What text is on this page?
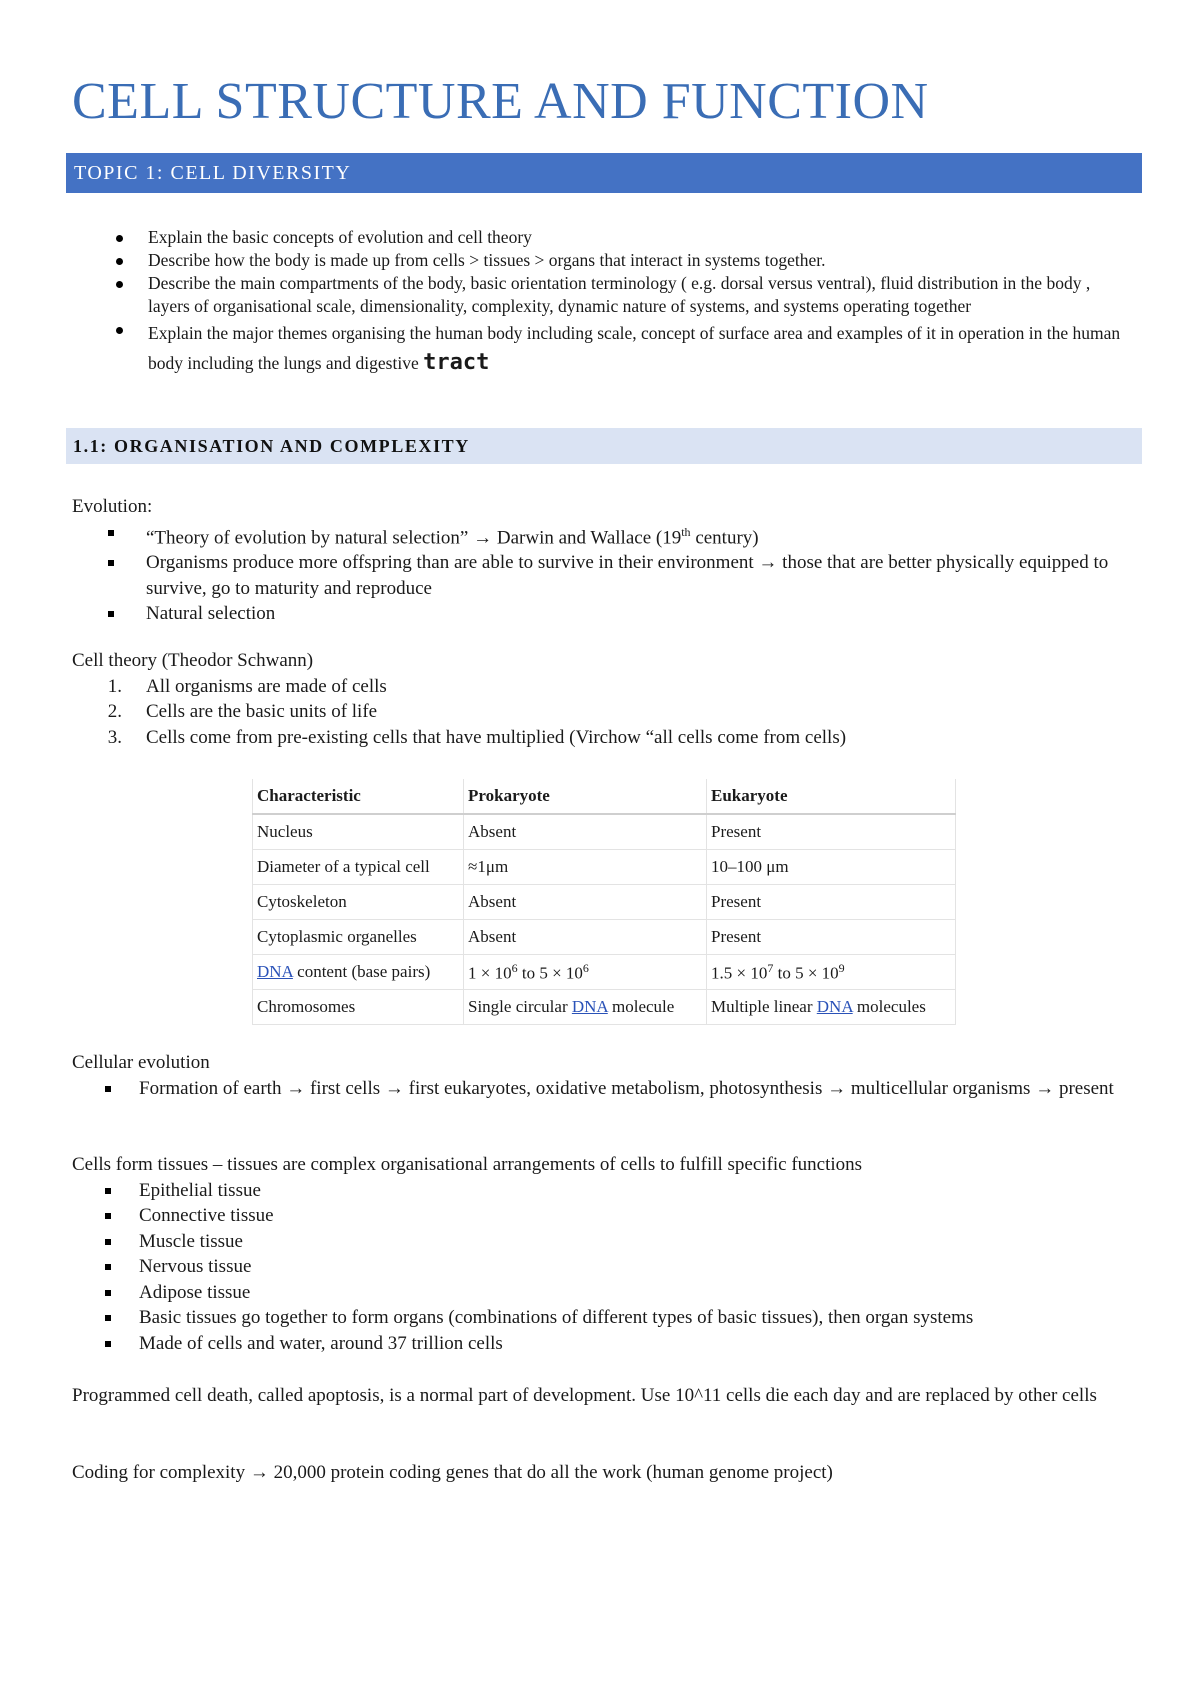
CELL STRUCTURE AND FUNCTION
TOPIC 1: CELL DIVERSITY

Explain the basic concepts of evolution and cell theory

Describe how the body is made up from cells > tissues > organs that interact in systems together.

Describe the main compartments of the body, basic orientation terminology ( e.g. dorsal versus ventral), fluid distribution in the body , layers of organisational scale, dimensionality, complexity, dynamic nature of systems, and systems operating together

Explain the major themes organising the human body including scale, concept of surface area and examples of it in operation in the human body including the lungs and digestive tract

1.1: ORGANISATION AND COMPLEXITY

Evolution:

“Theory of evolution by natural selection” → Darwin and Wallace (19th century)
Organisms produce more offspring than are able to survive in their environment → those that are better physically equipped to survive, go to maturity and reproduce
Natural selection

Cell theory (Theodor Schwann)

1. All organisms are made of cells
2. Cells are the basic units of life
3. Cells come from pre-existing cells that have multiplied (Virchow “all cells come from cells)
Characteristic	Prokaryote	Eukaryote
Nucleus	Absent	Present
Diameter of a typical cell	≈1μm	10–100 μm
Cytoskeleton	Absent	Present
Cytoplasmic organelles	Absent	Present
DNA content (base pairs)	$1 \times 10^6$ to $5 \times 10^6$	$1.5 \times 10^7$ to $5 \times 10^9$
Chromosomes	Single circular DNA molecule	Multiple linear DNA molecules

Cellular evolution

Formation of earth → first cells → first eukaryotes, oxidative metabolism, photosynthesis → multicellular organisms → present

Cells form tissues – tissues are complex organisational arrangements of cells to fulfill specific functions

Epithelial tissue
Connective tissue
Muscle tissue
Nervous tissue
Adipose tissue
Basic tissues go together to form organs (combinations of different types of basic tissues), then organ systems
Made of cells and water, around 37 trillion cells

Programmed cell death, called apoptosis, is a normal part of development. Use 10^11 cells die each day and are replaced by other cells

Coding for complexity → 20,000 protein coding genes that do all the work (human genome project)
